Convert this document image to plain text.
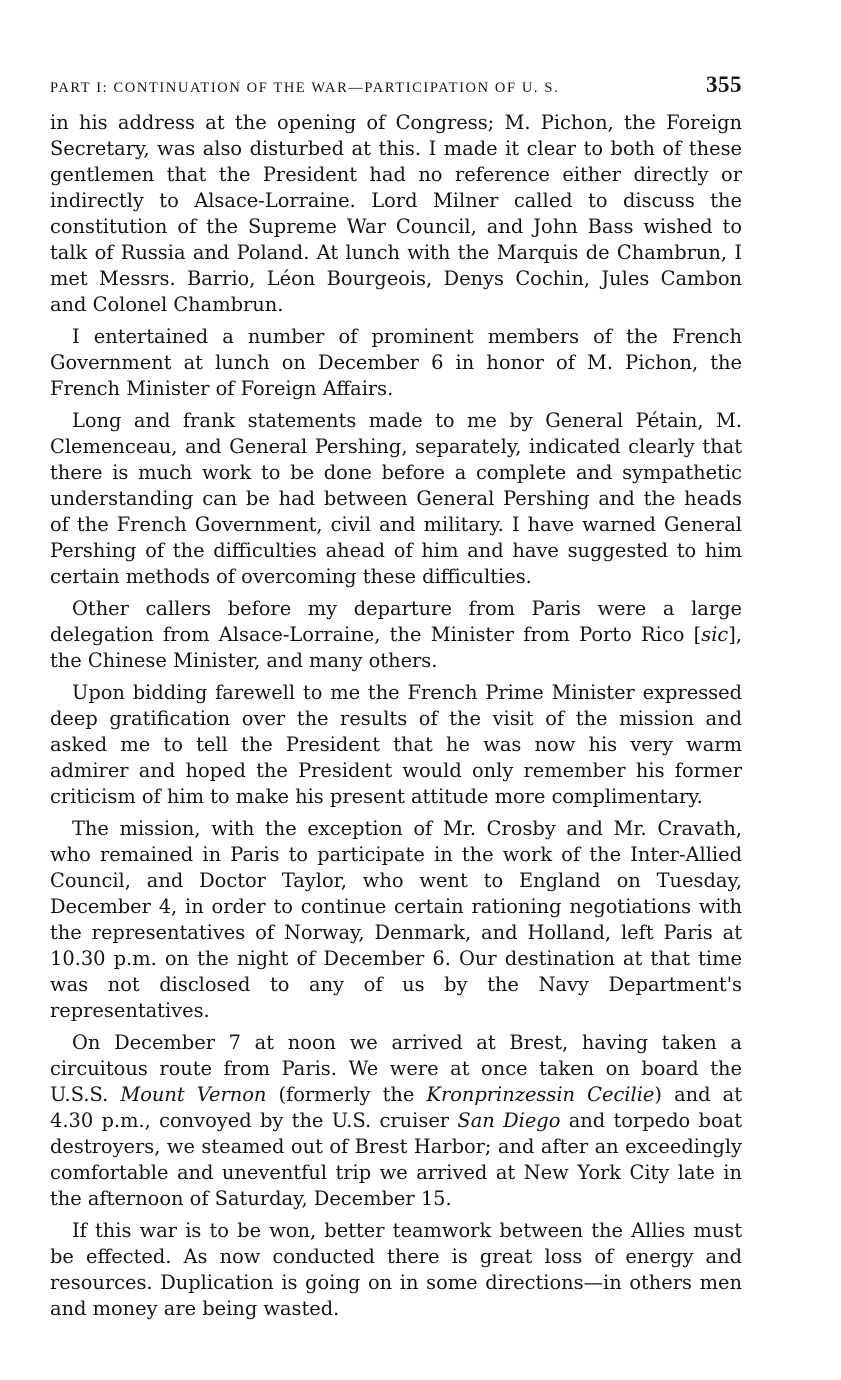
PART I: CONTINUATION OF THE WAR—PARTICIPATION OF U. S.	355

in his address at the opening of Congress; M. Pichon, the Foreign Secretary, was also disturbed at this. I made it clear to both of these gentlemen that the President had no reference either directly or indirectly to Alsace-Lorraine. Lord Milner called to discuss the constitution of the Supreme War Council, and John Bass wished to talk of Russia and Poland. At lunch with the Marquis de Chambrun, I met Messrs. Barrio, Léon Bourgeois, Denys Cochin, Jules Cambon and Colonel Chambrun.

I entertained a number of prominent members of the French Government at lunch on December 6 in honor of M. Pichon, the French Minister of Foreign Affairs.

Long and frank statements made to me by General Pétain, M. Clemenceau, and General Pershing, separately, indicated clearly that there is much work to be done before a complete and sympathetic understanding can be had between General Pershing and the heads of the French Government, civil and military. I have warned General Pershing of the difficulties ahead of him and have suggested to him certain methods of overcoming these difficulties.

Other callers before my departure from Paris were a large delegation from Alsace-Lorraine, the Minister from Porto Rico [sic], the Chinese Minister, and many others.

Upon bidding farewell to me the French Prime Minister expressed deep gratification over the results of the visit of the mission and asked me to tell the President that he was now his very warm admirer and hoped the President would only remember his former criticism of him to make his present attitude more complimentary.

The mission, with the exception of Mr. Crosby and Mr. Cravath, who remained in Paris to participate in the work of the Inter-Allied Council, and Doctor Taylor, who went to England on Tuesday, December 4, in order to continue certain rationing negotiations with the representatives of Norway, Denmark, and Holland, left Paris at 10.30 p.m. on the night of December 6. Our destination at that time was not disclosed to any of us by the Navy Department's representatives.

On December 7 at noon we arrived at Brest, having taken a circuitous route from Paris. We were at once taken on board the U.S.S. Mount Vernon (formerly the Kronprinzessin Cecilie) and at 4.30 p.m., convoyed by the U.S. cruiser San Diego and torpedo boat destroyers, we steamed out of Brest Harbor; and after an exceedingly comfortable and uneventful trip we arrived at New York City late in the afternoon of Saturday, December 15.

If this war is to be won, better teamwork between the Allies must be effected. As now conducted there is great loss of energy and resources. Duplication is going on in some directions—in others men and money are being wasted.
